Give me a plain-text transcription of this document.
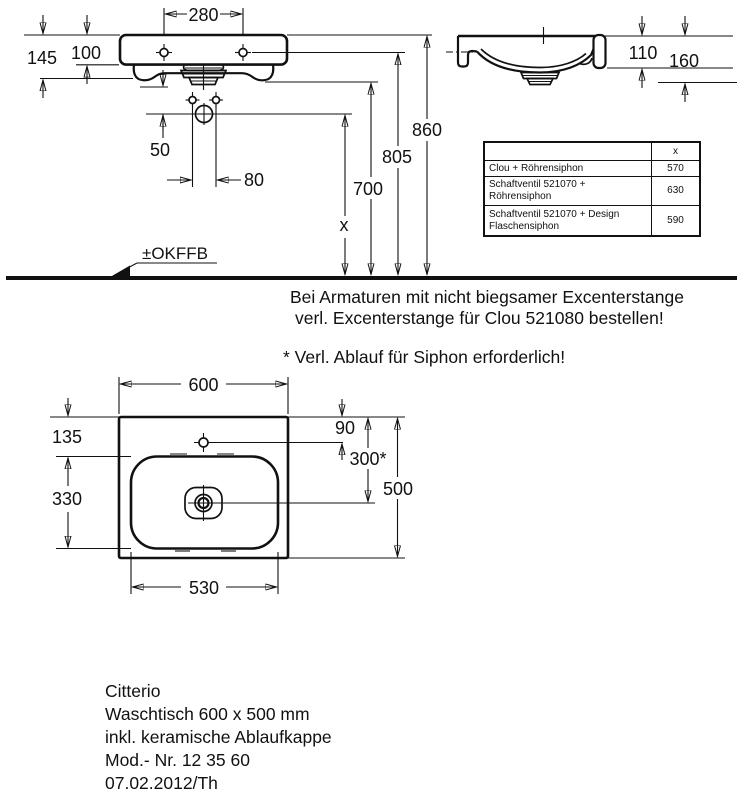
280
145 100
50
80
x
700
805
860
±OKFFB
110 160
600
135
330
530
90
300*
500
	x
Clou + Röhrensiphon	570
Schaftventil 521070 + Röhrensiphon	630
Schaftventil 521070 + Design Flaschensiphon	590
Bei Armaturen mit nicht biegsamer Excenterstange
verl. Excenterstange für Clou 521080 bestellen!
* Verl. Ablauf für Siphon erforderlich!
Citterio
Waschtisch 600 x 500 mm
inkl. keramische Ablaufkappe
Mod.- Nr. 12 35 60
07.02.2012/Th
